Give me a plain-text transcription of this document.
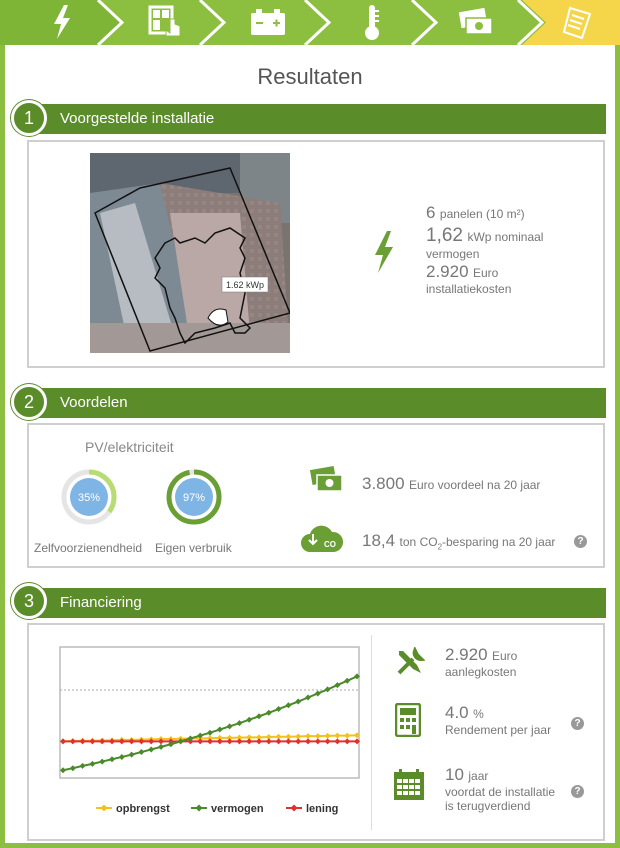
Resultaten
1	Voorgestelde installatie
1.62 kWp
6 panelen (10 m²)
1,62 kWp nominaal
vermogen
2.920 Euro
installatiekosten
2	Voordelen
PV/elektriciteit
35%
Zelfvoorzienendheid
97%
Eigen verbruik
3.800 Euro voordeel na 20 jaar
CO 18,4 ton $CO_2$-besparing na 20 jaar	?
3	Financiering
opbrengst	vermogen	lening
2.920 Euro
aanlegkosten
4.0 %
Rendement per jaar	?
10 jaar
voordat de installatie
is terugverdiend
?
